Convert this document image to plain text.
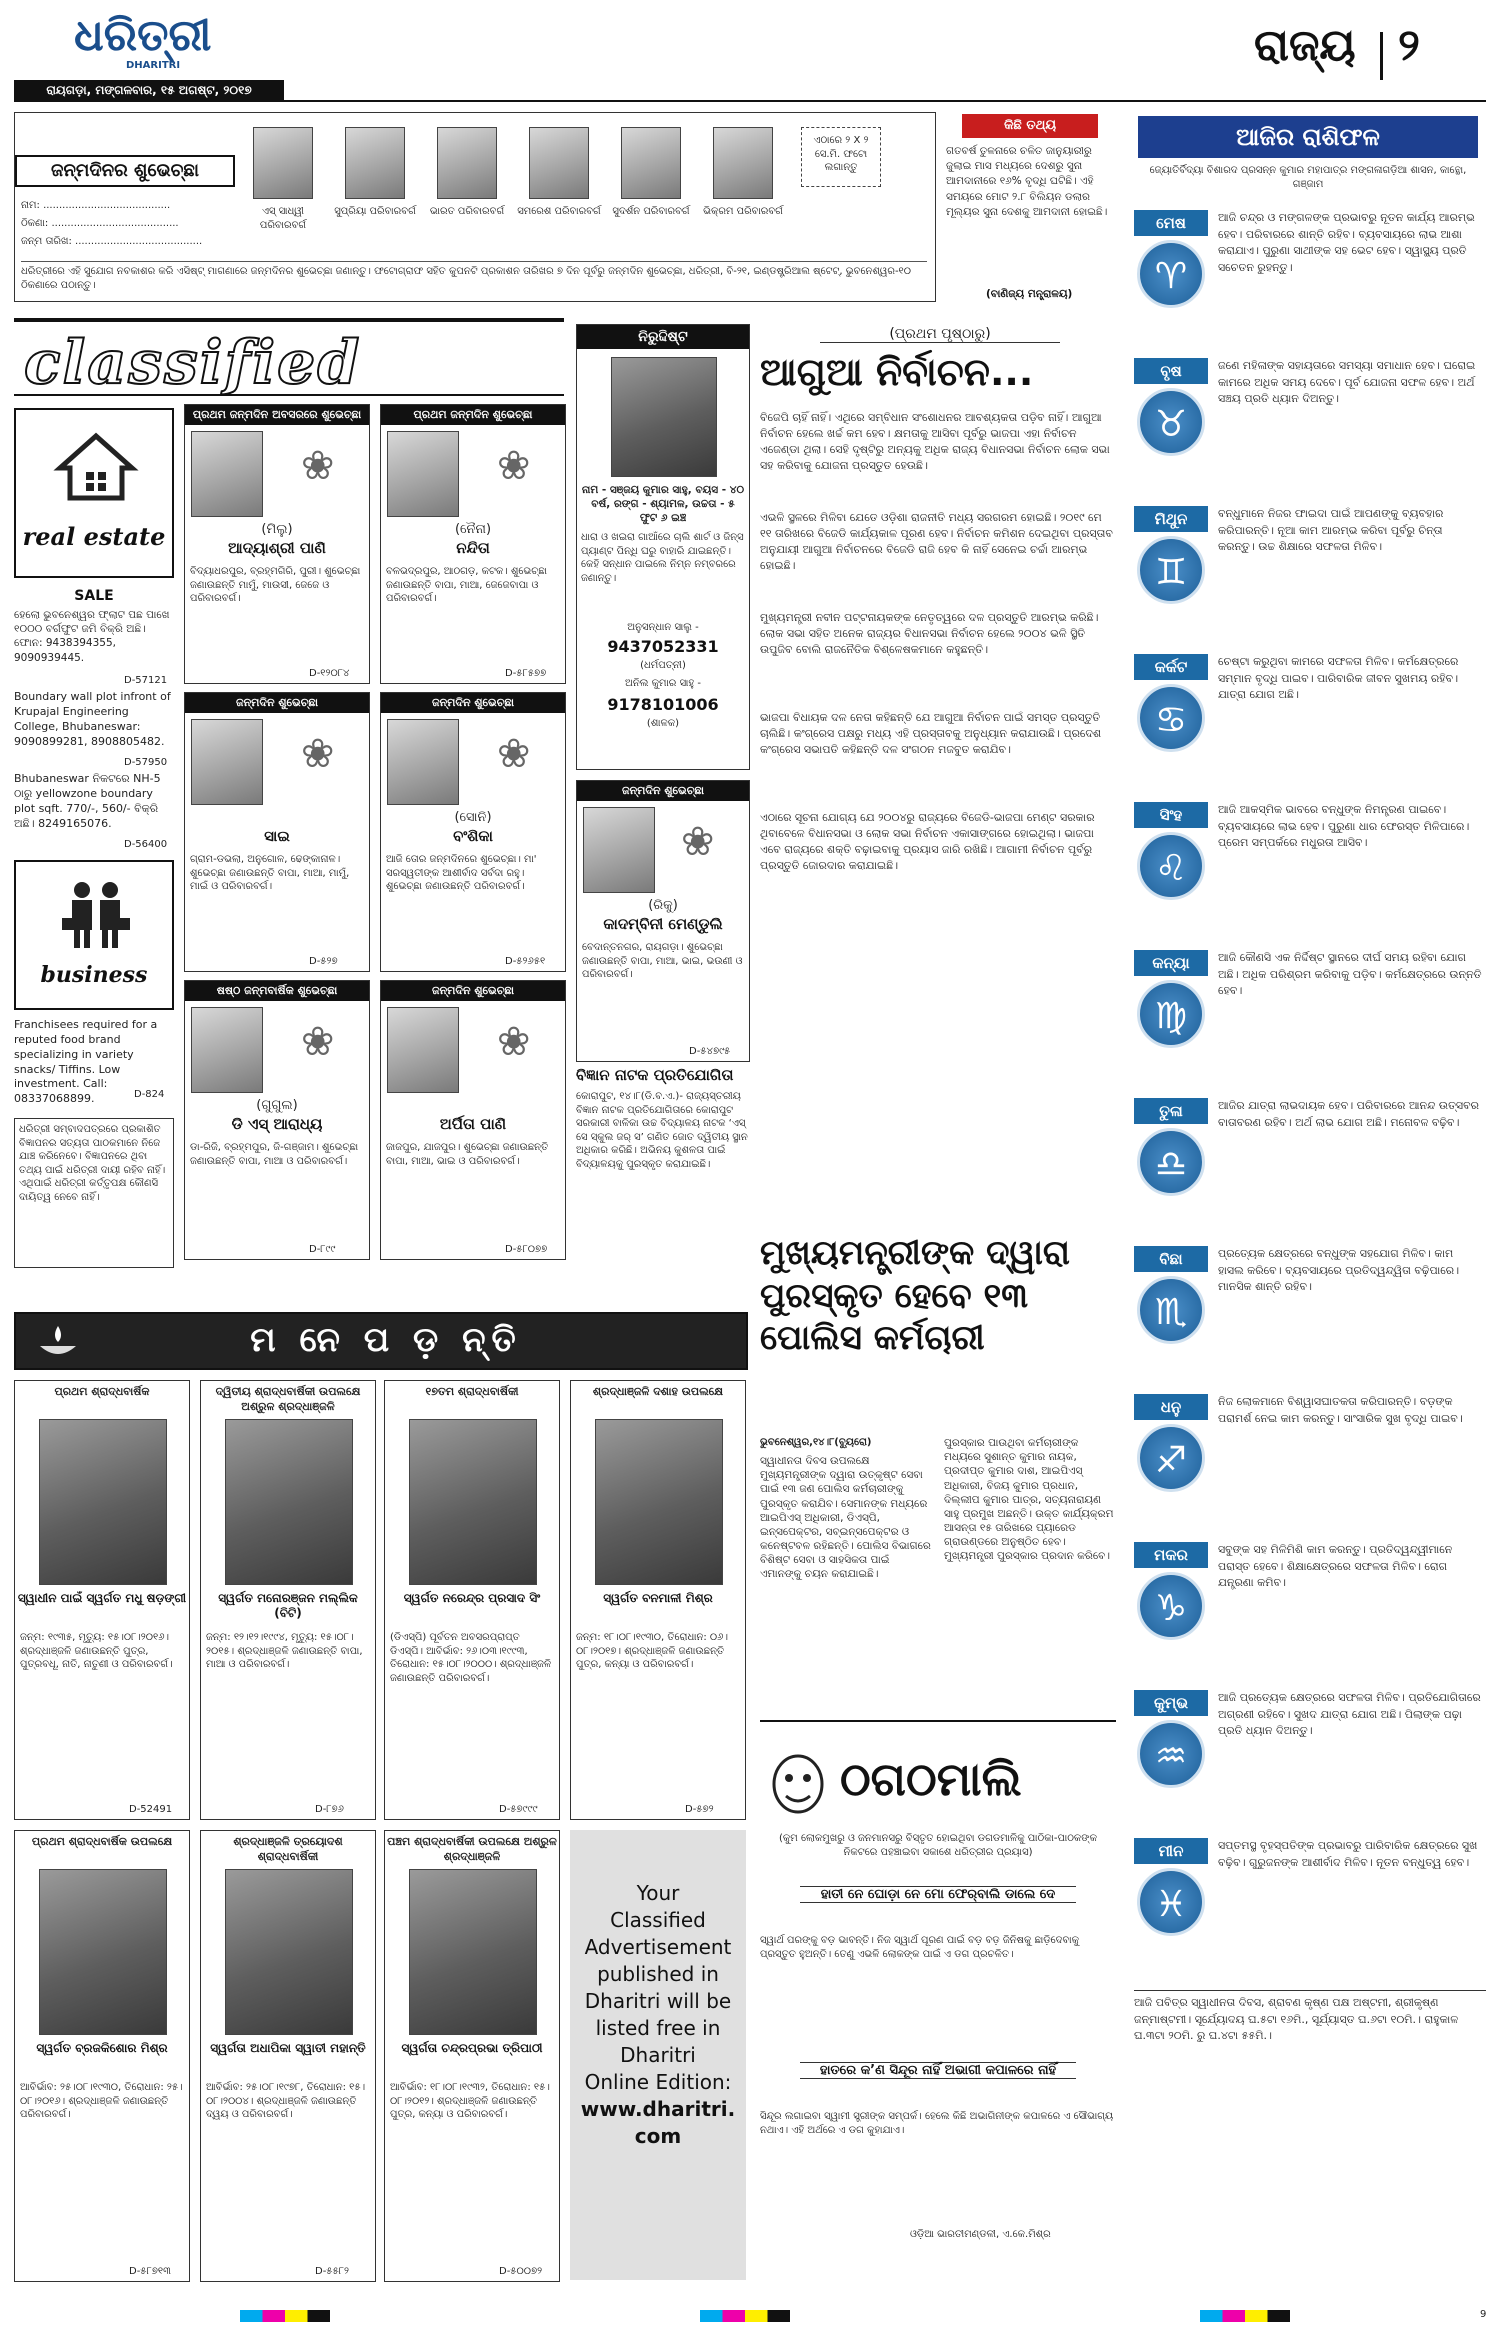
ଧରିତ୍ରୀ
DHARITRI
ରାୟଗଡ଼ା, ମଙ୍ଗଳବାର, ୧୫ ଅଗଷ୍ଟ, ୨୦୧୭
ରାଜ୍ୟ ୨
ଜନ୍ମଦିନର ଶୁଭେଚ୍ଛା
ନାମ: ........................................
ଠିକଣା: ........................................
ଜନ୍ମ ତାରିଖ: ........................................
ଏସ୍ ସାଧ୍ୱୀ ପରିବାରବର୍ଗ
ସୁପ୍ରିୟା ପରିବାରବର୍ଗ	ଭାରତ ପରିବାରବର୍ଗ	ସମରେଶ ପରିବାରବର୍ଗ	ସୁଦର୍ଶନ ପରିବାରବର୍ଗ	ଭିକ୍ରମ ପରିବାରବର୍ଗ
ଏଠାରେ ୨ X ୨ ସେ.ମି. ଫଟୋ ଲଗାନ୍ତୁ
ଧରିତ୍ରୀରେ ଏହି ସୁଯୋଗ ନବକାଶର କରି ଏସିଷ୍ଟ୍ ମାଗଣାରେ ଜନ୍ମଦିନର ଶୁଭେଚ୍ଛା ଜଣାନ୍ତୁ। ଫଟୋଗ୍ରାଫ ସହିତ କୁପନଟି ପ୍ରକାଶନ ତାରିଖର ୭ ଦିନ ପୂର୍ବରୁ ଜନ୍ମଦିନ ଶୁଭେଚ୍ଛା, ଧରିତ୍ରୀ, ବି-୨୧, ଇଣ୍ଡଷ୍ଟ୍ରିଆଲ ଷ୍ଟେଟ୍, ଭୁବନେଶ୍ୱର-୧୦ ଠିକଣାରେ ପଠାନ୍ତୁ।
କିଛି ତଥ୍ୟ
ଗତବର୍ଷ ତୁଳନାରେ ଚଳିତ ଜାନୁୟାରୀରୁ ଜୁଲାଇ ମାସ ମଧ୍ୟରେ ଦେଶରୁ ସୁନା ଆମଦାନୀରେ ୧୬% ବୃଦ୍ଧି ଘଟିଛି। ଏହି ସମୟରେ ମୋଟ ୨.୮ ବିଲିୟନ ଡଲାର ମୂଲ୍ୟର ସୁନା ଦେଶକୁ ଆମଦାନୀ ହୋଇଛି।
(ବାଣିଜ୍ୟ ମନ୍ତ୍ରାଳୟ)
ଆଜିର ରାଶିଫଳ
ଜ୍ୟୋତିର୍ବିଦ୍ୟା ବିଶାରଦ ପ୍ରସନ୍ନ କୁମାର ମହାପାତ୍ର ମଙ୍ଗଳାଗଡ଼ିଆ ଶାସନ, କାନ୍ଥୋ, ଗଞ୍ଜାମ
ମେଷ
♈
ଆଜି ଚନ୍ଦ୍ର ଓ ମଙ୍ଗଳଙ୍କ ପ୍ରଭାବରୁ ନୂତନ କାର୍ଯ୍ୟ ଆରମ୍ଭ ହେବ। ପରିବାରରେ ଶାନ୍ତି ରହିବ। ବ୍ୟବସାୟରେ ଲାଭ ଆଶା କରାଯାଏ। ପୁରୁଣା ସାଥୀଙ୍କ ସହ ଭେଟ ହେବ। ସ୍ୱାସ୍ଥ୍ୟ ପ୍ରତି ସଚେତନ ରୁହନ୍ତୁ।
ବୃଷ
♉
ଜଣେ ମହିଳାଙ୍କ ସହାୟତାରେ ସମସ୍ୟା ସମାଧାନ ହେବ। ଘରୋଇ କାମରେ ଅଧିକ ସମୟ ଦେବେ। ପୂର୍ବ ଯୋଜନା ସଫଳ ହେବ। ଅର୍ଥ ସଞ୍ଚୟ ପ୍ରତି ଧ୍ୟାନ ଦିଅନ୍ତୁ।
ମିଥୁନ
♊
ବନ୍ଧୁମାନେ ନିଜର ଫାଇଦା ପାଇଁ ଆପଣଙ୍କୁ ବ୍ୟବହାର କରିପାରନ୍ତି। ନୂଆ କାମ ଆରମ୍ଭ କରିବା ପୂର୍ବରୁ ଚିନ୍ତା କରନ୍ତୁ। ଉଚ୍ଚ ଶିକ୍ଷାରେ ସଫଳତା ମିଳିବ।
କର୍କଟ
♋
ଚେଷ୍ଟା କରୁଥିବା କାମରେ ସଫଳତା ମିଳିବ। କର୍ମକ୍ଷେତ୍ରରେ ସମ୍ମାନ ବୃଦ୍ଧି ପାଇବ। ପାରିବାରିକ ଜୀବନ ସୁଖମୟ ରହିବ। ଯାତ୍ରା ଯୋଗ ଅଛି।
ସିଂହ
♌
ଆଜି ଆକସ୍ମିକ ଭାବରେ ବନ୍ଧୁଙ୍କ ନିମନ୍ତ୍ରଣ ପାଇବେ। ବ୍ୟବସାୟରେ ଲାଭ ହେବ। ପୁରୁଣା ଧାର ଫେରସ୍ତ ମିଳିପାରେ। ପ୍ରେମ ସମ୍ପର୍କରେ ମଧୁରତା ଆସିବ।
କନ୍ୟା
♍
ଆଜି କୌଣସି ଏକ ନିର୍ଦ୍ଦିଷ୍ଟ ସ୍ଥାନରେ ଦୀର୍ଘ ସମୟ ରହିବା ଯୋଗ ଅଛି। ଅଧିକ ପରିଶ୍ରମ କରିବାକୁ ପଡ଼ିବ। କର୍ମକ୍ଷେତ୍ରରେ ଉନ୍ନତି ହେବ।
ତୁଳା
♎
ଆଜିର ଯାତ୍ରା ଲାଭଦାୟକ ହେବ। ପରିବାରରେ ଆନନ୍ଦ ଉତ୍ସବର ବାତାବରଣ ରହିବ। ଅର୍ଥ ଲାଭ ଯୋଗ ଅଛି। ମନୋବଳ ବଢ଼ିବ।
ବିଛା
♏
ପ୍ରତ୍ୟେକ କ୍ଷେତ୍ରରେ ବନ୍ଧୁଙ୍କ ସହଯୋଗ ମିଳିବ। କାମ ହାସଲ କରିବେ। ବ୍ୟବସାୟରେ ପ୍ରତିଦ୍ୱନ୍ଦ୍ୱିତା ବଢ଼ିପାରେ। ମାନସିକ ଶାନ୍ତି ରହିବ।
ଧନୁ
♐
ନିଜ ଲୋକମାନେ ବିଶ୍ୱାସଘାତକତା କରିପାରନ୍ତି। ବଡ଼ଙ୍କ ପରାମର୍ଶ ନେଇ କାମ କରନ୍ତୁ। ସାଂସାରିକ ସୁଖ ବୃଦ୍ଧି ପାଇବ।
ମକର
♑
ସବୁଙ୍କ ସହ ମିଳିମିଶି କାମ କରନ୍ତୁ। ପ୍ରତିଦ୍ୱନ୍ଦ୍ୱୀମାନେ ପରାସ୍ତ ହେବେ। ଶିକ୍ଷାକ୍ଷେତ୍ରରେ ସଫଳତା ମିଳିବ। ରୋଗ ଯନ୍ତ୍ରଣା କମିବ।
କୁମ୍ଭ
♒
ଆଜି ପ୍ରତ୍ୟେକ କ୍ଷେତ୍ରରେ ସଫଳତା ମିଳିବ। ପ୍ରତିଯୋଗିତାରେ ଅଗ୍ରଣୀ ରହିବେ। ସୁଖଦ ଯାତ୍ରା ଯୋଗ ଅଛି। ପିଲାଙ୍କ ପଢ଼ା ପ୍ରତି ଧ୍ୟାନ ଦିଅନ୍ତୁ।
ମୀନ
♓
ସପ୍ତମସ୍ଥ ବୃହସ୍ପତିଙ୍କ ପ୍ରଭାବରୁ ପାରିବାରିକ କ୍ଷେତ୍ରରେ ସୁଖ ବଢ଼ିବ। ଗୁରୁଜନଙ୍କ ଆଶୀର୍ବାଦ ମିଳିବ। ନୂତନ ବନ୍ଧୁତ୍ୱ ହେବ।
ଆଜି ପବିତ୍ର ସ୍ୱାଧୀନତା ଦିବସ, ଶ୍ରାବଣ କୃଷ୍ଣ ପକ୍ଷ ଅଷ୍ଟମୀ, ଶ୍ରୀକୃଷ୍ଣ ଜନ୍ମାଷ୍ଟମୀ। ସୂର୍ଯ୍ୟୋଦୟ ଘ.୫ଟା ୧୬ମି., ସୂର୍ଯ୍ୟାସ୍ତ ଘ.୬ଟା ୧୦ମି.। ରାହୁକାଳ ଘ.୩ଟା ୨୦ମି. ରୁ ଘ.୪ଟା ୫୫ମି.।
classified
real estate
SALE
ହେଲୋ ଭୁବନେଶ୍ୱର ଫ୍ଲାଟ ପଛ ପାଖେ ୧୦୦୦ ବର୍ଗଫୁଟ ଜମି ବିକ୍ରି ଅଛି। ଫୋନ: 9438394355, 9090939445.
D-57121
Boundary wall plot infront of Krupajal Engineering College, Bhubaneswar: 9090899281, 8908805482.
D-57950
Bhubaneswar ନିକଟରେ NH-5 ଠାରୁ yellowzone boundary plot sqft. 770/-, 560/- ବିକ୍ରି ଅଛି। 8249165076.
D-56400
business
Franchisees required for a reputed food brand specializing in variety snacks/ Tiffins. Low investment. Call: 08337068899.	D-824
ଧରିତ୍ରୀ ସମ୍ବାଦପତ୍ରରେ ପ୍ରକାଶିତ ବିଜ୍ଞାପନର ସତ୍ୟତା ପାଠକମାନେ ନିଜେ ଯାଞ୍ଚ କରିନେବେ। ବିଜ୍ଞାପନରେ ଥିବା ତଥ୍ୟ ପାଇଁ ଧରିତ୍ରୀ ଦାୟୀ ରହିବ ନାହିଁ। ଏଥିପାଇଁ ଧରିତ୍ରୀ କର୍ତ୍ତୃପକ୍ଷ କୌଣସି ଦାୟିତ୍ୱ ନେବେ ନାହିଁ।
ପ୍ରଥମ ଜନ୍ମଦିନ ଅବସରରେ ଶୁଭେଚ୍ଛା
❀
(ମିଲୁ)
ଆଦ୍ୟାଶ୍ରୀ ପାଣି
ବିଦ୍ୟାଧରପୁର, ବ୍ରହ୍ମଗିରି, ପୁରୀ। ଶୁଭେଚ୍ଛା ଜଣାଉଛନ୍ତି ମାମୁଁ, ମାଉସୀ, ଜେଜେ ଓ ପରିବାରବର୍ଗ।
D-୧୨୦୮୪
ପ୍ରଥମ ଜନ୍ମଦିନ ଶୁଭେଚ୍ଛା
❀
(ନୈନା)
ନନ୍ଦିତା
ବଳଭଦ୍ରପୁର, ଆଠଗଡ଼, କଟକ। ଶୁଭେଚ୍ଛା ଜଣାଉଛନ୍ତି ବାପା, ମାଆ, ଜେଜେବାପା ଓ ପରିବାରବର୍ଗ।
D-୫୮୫୭୭
ଜନ୍ମଦିନ ଶୁଭେଚ୍ଛା
❀
ସାଇ
ଗ୍ରାମ-ଡଭଲା, ଅନୁଗୋଳ, ଢେଙ୍କାନାଳ। ଶୁଭେଚ୍ଛା ଜଣାଉଛନ୍ତି ବାପା, ମାଆ, ମାମୁଁ, ମାଇଁ ଓ ପରିବାରବର୍ଗ।
D-୫୨୭
ଜନ୍ମଦିନ ଶୁଭେଚ୍ଛା
❀
(ସୋନି)
ବଂଶିକା
ଆଜି ତୋର ଜନ୍ମଦିନରେ ଶୁଭେଚ୍ଛା। ମା' ସରସ୍ୱତୀଙ୍କ ଆଶୀର୍ବାଦ ସର୍ବଦା ରହୁ। ଶୁଭେଚ୍ଛା ଜଣାଉଛନ୍ତି ପରିବାରବର୍ଗ।
D-୫୨୬୫୧
ଷଷ୍ଠ ଜନ୍ମବାର୍ଷିକ ଶୁଭେଚ୍ଛା
❀
(ଗୁଗୁଲ)
ଡି ଏସ୍ ଆରାଧ୍ୟ
ଡା-ରିଜି, ବ୍ରହ୍ମପୁର, ଜି-ଗଞ୍ଜାମ। ଶୁଭେଚ୍ଛା ଜଣାଉଛନ୍ତି ବାପା, ମାଆ ଓ ପରିବାରବର୍ଗ।
D-୮୯୯
ଜନ୍ମଦିନ ଶୁଭେଚ୍ଛା
❀
ଅର୍ପିତା ପାଣି
ଜାଜପୁର, ଯାଜପୁର। ଶୁଭେଚ୍ଛା ଜଣାଉଛନ୍ତି ବାପା, ମାଆ, ଭାଇ ଓ ପରିବାରବର୍ଗ।
D-୫୮୦୭୭
ଜନ୍ମଦିନ ଶୁଭେଚ୍ଛା
❀
(ରିକୁ)
କାଦମ୍ବିନୀ ମେଣ୍ଡୁଲି
ବେଦାନ୍ତନଗର, ରାୟଗଡ଼ା। ଶୁଭେଚ୍ଛା ଜଣାଉଛନ୍ତି ବାପା, ମାଆ, ଭାଇ, ଭଉଣୀ ଓ ପରିବାରବର୍ଗ।
D-୫୪୭୯୫
ନିରୁଦ୍ଦିଷ୍ଟ
ନାମ - ସଞ୍ଜୟ କୁମାର ସାହୁ, ବୟସ - ୪୦ ବର୍ଷ, ରଙ୍ଗ - ଶ୍ୟାମଳ, ଉଚ୍ଚତା - ୫ ଫୁଟ ୬ ଇଞ୍ଚ
ଧାରା ଓ ଖଇରା ଗାଆଁରେ ଚାଲି ଶାର୍ଟ ଓ ଜିନ୍ସ ପ୍ୟାଣ୍ଟ ପିନ୍ଧି ଘରୁ ବାହାରି ଯାଇଛନ୍ତି। କେହି ସନ୍ଧାନ ପାଇଲେ ନିମ୍ନ ନମ୍ବରରେ ଜଣାନ୍ତୁ।
ଅନୁସନ୍ଧାନ ସାଲୁ -
9437052331
(ଧର୍ମପତ୍ନୀ)
ଅନିଲ କୁମାର ସାହୁ -
9178101006
(ଶାଳକ)
ବିଜ୍ଞାନ ନାଟକ ପ୍ରତିଯୋଗିତା
କୋରାପୁଟ, ୧୪।୮(ଡି.ବ.ଏ.)- ରାଜ୍ୟସ୍ତରୀୟ ବିଜ୍ଞାନ ନାଟକ ପ୍ରତିଯୋଗିତାରେ କୋରାପୁଟ ସରକାରୀ ବାଳିକା ଉଚ୍ଚ ବିଦ୍ୟାଳୟ ନାଟକ ‘ଏସ୍ ସେ ସ୍କୁଲ ଜର୍ ସ’ ଗଣିତ ଜୋତ ଦ୍ୱିତୀୟ ସ୍ଥାନ ଅଧିକାର କରିଛି। ଅଭିନୟ କୁଶଳତା ପାଇଁ ବିଦ୍ୟାଳୟକୁ ପୁରସ୍କୃତ କରାଯାଇଛି।
(ପ୍ରଥମ ପୃଷ୍ଠାରୁ)
ଆଗୁଆ ନିର୍ବାଚନ...
ବିଜେପି ଚାହିଁ ନାହିଁ। ଏଥିରେ ସମ୍ବିଧାନ ସଂଶୋଧନର ଆବଶ୍ୟକତା ପଡ଼ିବ ନାହିଁ। ଆଗୁଆ ନିର୍ବାଚନ ହେଲେ ଖର୍ଚ୍ଚ କମ ହେବ। କ୍ଷମତାକୁ ଆସିବା ପୂର୍ବରୁ ଭାଜପା ଏହା ନିର୍ବାଚନ ଏଜେଣ୍ଡା ଥିଲା। ସେହି ଦୃଷ୍ଟିରୁ ଅନ୍ୟକୁ ଅଧିକ ରାଜ୍ୟ ବିଧାନସଭା ନିର୍ବାଚନ ଲୋକ ସଭା ସହ କରିବାକୁ ଯୋଜନା ପ୍ରସ୍ତୁତ ହେଉଛି।
ଏଭଳି ସ୍ଥଳରେ ମିଳିବା ଯେତେ ଓଡ଼ିଶା ରାଜନୀତି ମଧ୍ୟ ସରଗରମ ହୋଇଛି। ୨୦୧୯ ମେ ୧୧ ତାରିଖରେ ବିଜେଡି କାର୍ଯ୍ୟକାଳ ପୂରଣ ହେବ। ନିର୍ବାଚନ କମିଶନ ଦେଇଥିବା ପ୍ରସ୍ତାବ ଅନୁଯାୟୀ ଆଗୁଆ ନିର୍ବାଚନରେ ବିଜେଡି ରାଜି ହେବ କି ନାହିଁ ସେନେଇ ଚର୍ଚ୍ଚା ଆରମ୍ଭ ହୋଇଛି।
ମୁଖ୍ୟମନ୍ତ୍ରୀ ନବୀନ ପଟ୍ଟନାୟକଙ୍କ ନେତୃତ୍ୱରେ ଦଳ ପ୍ରସ୍ତୁତି ଆରମ୍ଭ କରିଛି। ଲୋକ ସଭା ସହିତ ଅନେକ ରାଜ୍ୟର ବିଧାନସଭା ନିର୍ବାଚନ ହେଲେ ୨୦୦୪ ଭଳି ସ୍ଥିତି ଉପୁଜିବ ବୋଲି ରାଜନୈତିକ ବିଶ୍ଳେଷକମାନେ କହୁଛନ୍ତି।
ଭାଜପା ବିଧାୟକ ଦଳ ନେତା କହିଛନ୍ତି ଯେ ଆଗୁଆ ନିର୍ବାଚନ ପାଇଁ ସମସ୍ତ ପ୍ରସ୍ତୁତି ଚାଲିଛି। କଂଗ୍ରେସ ପକ୍ଷରୁ ମଧ୍ୟ ଏହି ପ୍ରସ୍ତାବକୁ ଅନୁଧ୍ୟାନ କରାଯାଉଛି। ପ୍ରଦେଶ କଂଗ୍ରେସ ସଭାପତି କହିଛନ୍ତି ଦଳ ସଂଗଠନ ମଜବୁତ କରାଯିବ।
ଏଠାରେ ସୂଚନା ଯୋଗ୍ୟ ଯେ ୨୦୦୪ରୁ ରାଜ୍ୟରେ ବିଜେଡି-ଭାଜପା ମେଣ୍ଟ ସରକାର ଥିବାବେଳେ ବିଧାନସଭା ଓ ଲୋକ ସଭା ନିର୍ବାଚନ ଏକାସାଙ୍ଗରେ ହୋଇଥିଲା। ଭାଜପା ଏବେ ରାଜ୍ୟରେ ଶକ୍ତି ବଢ଼ାଇବାକୁ ପ୍ରୟାସ ଜାରି ରଖିଛି। ଆଗାମୀ ନିର୍ବାଚନ ପୂର୍ବରୁ ପ୍ରସ୍ତୁତି ଜୋରଦାର କରାଯାଇଛି।
ମୁଖ୍ୟମନ୍ତ୍ରୀଙ୍କ ଦ୍ୱାରା ପୁରସ୍କୃତ ହେବେ ୧୩ ପୋଲିସ କର୍ମଚାରୀ
ଭୁବନେଶ୍ୱର,୧୪।୮(ବ୍ୟୁରୋ)
ସ୍ୱାଧୀନତା ଦିବସ ଉପଲକ୍ଷେ ମୁଖ୍ୟମନ୍ତ୍ରୀଙ୍କ ଦ୍ୱାରା ଉତ୍କୃଷ୍ଟ ସେବା ପାଇଁ ୧୩ ଜଣ ପୋଲିସ କର୍ମଚାରୀଙ୍କୁ ପୁରସ୍କୃତ କରାଯିବ। ସେମାନଙ୍କ ମଧ୍ୟରେ ଆଇପିଏସ୍ ଅଧିକାରୀ, ଡିଏସ୍‌ପି, ଇନ୍‌ସପେକ୍ଟର, ସବ୍‌ଇନ୍‌ସପେକ୍ଟର ଓ କନେଷ୍ଟବଳ ରହିଛନ୍ତି। ପୋଲିସ ବିଭାଗରେ ବିଶିଷ୍ଟ ସେବା ଓ ସାହସିକତା ପାଇଁ ଏମାନଙ୍କୁ ଚୟନ କରାଯାଇଛି।
ପୁରସ୍କାର ପାଉଥିବା କର୍ମଚାରୀଙ୍କ ମଧ୍ୟରେ ସୁଶାନ୍ତ କୁମାର ନାୟକ, ପ୍ରଦୀପ୍ତ କୁମାର ଦାଶ, ଆଇପିଏସ୍ ଅଧିକାରୀ, ବିଜୟ କୁମାର ପ୍ରଧାନ, ଦିଲ୍ଲୀପ କୁମାର ପାତ୍ର, ସତ୍ୟନାରାୟଣ ସାହୁ ପ୍ରମୁଖ ଅଛନ୍ତି। ଉକ୍ତ କାର୍ଯ୍ୟକ୍ରମ ଆସନ୍ତା ୧୫ ତାରିଖରେ ପ୍ୟାରେଡ ଗ୍ରାଉଣ୍ଡରେ ଅନୁଷ୍ଠିତ ହେବ। ମୁଖ୍ୟମନ୍ତ୍ରୀ ପୁରସ୍କାର ପ୍ରଦାନ କରିବେ।
ଠଗଠମାଲି
(କୁମ ଲୋକମୁଖରୁ ଓ ଜନମାନସରୁ ବିସ୍ତୃତ ହୋଇଥିବା ଡଗଡମାଳିକୁ ପାଠିକା-ପାଠକଙ୍କ ନିକଟରେ ପହଞ୍ଚାଇବା ସକାଶେ ଧରିତ୍ରୀର ପ୍ରୟାସ)
ହାତୀ ନେ ଘୋଡ଼ା ନେ ମୋ ଫେର୍‌ବାଲି ଡାଲେ ଦେ
ସ୍ୱାର୍ଥ ପରଙ୍କୁ ବଡ଼ ଭାବନ୍ତି। ନିଜ ସ୍ୱାର୍ଥ ପୂରଣ ପାଇଁ ବଡ଼ ବଡ଼ ଜିନିଷକୁ ଛାଡ଼ିଦେବାକୁ ପ୍ରସ୍ତୁତ ହୁଅନ୍ତି। ତେଣୁ ଏଭଳି ଲୋକଙ୍କ ପାଇଁ ଏ ଡଗ ପ୍ରଚଳିତ।
ହାତରେ କ’ଣ ସିନ୍ଦୂର ନାହିଁ ଅଭାଗୀ କପାଳରେ ନାହିଁ
ସିନ୍ଦୂର ଲଗାଇବା ସ୍ୱାମୀ ସ୍ତ୍ରୀଙ୍କ ସମ୍ପର୍କ। ହେଲେ କିଛି ଅଭାଗିନୀଙ୍କ କପାଳରେ ଏ ସୌଭାଗ୍ୟ ନଥାଏ। ଏହି ଅର୍ଥରେ ଏ ଡଗ କୁହାଯାଏ।
ଓଡ଼ିଆ ଭାରତୀମଣ୍ଡଳୀ, ଏ.କେ.ମିଶ୍ର
ମ ନେ ପ ଡ଼ ନ୍ତି
ପ୍ରଥମ ଶ୍ରାଦ୍ଧବାର୍ଷିକ
ସ୍ୱାଧୀନ ପାଇଁ ସ୍ୱର୍ଗତ ମଧୁ ଷଡ଼ଙ୍ଗୀ
ଜନ୍ମ: ୧୯୩୫, ମୃତ୍ୟୁ: ୧୫।୦୮।୨୦୧୬। ଶ୍ରଦ୍ଧାଞ୍ଜଳି ଜଣାଉଛନ୍ତି ପୁତ୍ର, ପୁତ୍ରବଧୂ, ନାତି, ନାତୁଣୀ ଓ ପରିବାରବର୍ଗ।
D-52491
ଦ୍ୱିତୀୟ ଶ୍ରାଦ୍ଧବାର୍ଷିକୀ ଉପଲକ୍ଷେ ଅଶ୍ରୁଳ ଶ୍ରଦ୍ଧାଞ୍ଜଳି
ସ୍ୱର୍ଗତ ମନୋରଞ୍ଜନ ମଲ୍ଲିକ (ବିଟି)
ଜନ୍ମ: ୧୨।୧୨।୧୯୯୪, ମୃତ୍ୟୁ: ୧୫।୦୮।୨୦୧୫। ଶ୍ରଦ୍ଧାଞ୍ଜଳି ଜଣାଉଛନ୍ତି ବାପା, ମାଆ ଓ ପରିବାରବର୍ଗ।
D-୮୭୬
୧୭ତମ ଶ୍ରାଦ୍ଧବାର୍ଷିକୀ
ସ୍ୱର୍ଗତ ନରେନ୍ଦ୍ର ପ୍ରସାଦ ସିଂ
(ଡିଏସ୍‌ପି) ପୂର୍ବତନ ଅବସରପ୍ରାପ୍ତ ଡିଏସ୍‌ପି। ଆବିର୍ଭାବ: ୨୬।୦୩।୧୯୯୩, ତିରୋଧାନ: ୧୫।୦୮।୨୦୦୦। ଶ୍ରଦ୍ଧାଞ୍ଜଳି ଜଣାଉଛନ୍ତି ପରିବାରବର୍ଗ।
D-୫୭୯୯୯
ଶ୍ରଦ୍ଧାଞ୍ଜଳି ଦଶାହ ଉପଲକ୍ଷେ
ସ୍ୱର୍ଗତ ବନମାଳୀ ମିଶ୍ର
ଜନ୍ମ: ୧୮।୦୮।୧୯୩୦, ତିରୋଧାନ: ୦୬।୦୮।୨୦୧୭। ଶ୍ରଦ୍ଧାଞ୍ଜଳି ଜଣାଉଛନ୍ତି ପୁତ୍ର, କନ୍ୟା ଓ ପରିବାରବର୍ଗ।
D-୫୭୨
ପ୍ରଥମ ଶ୍ରାଦ୍ଧବାର୍ଷିକ ଉପଲକ୍ଷେ
ସ୍ୱର୍ଗତ ବ୍ରଜକିଶୋର ମିଶ୍ର
ଆବିର୍ଭାବ: ୨୫।୦୮।୧୯୩୦, ତିରୋଧାନ: ୨୫।୦୮।୨୦୧୬। ଶ୍ରଦ୍ଧାଞ୍ଜଳି ଜଣାଉଛନ୍ତି ପରିବାରବର୍ଗ।
D-୫୮୭୧୩
ଶ୍ରଦ୍ଧାଞ୍ଜଳି ତ୍ରୟୋଦଶ ଶ୍ରାଦ୍ଧବାର୍ଷିକୀ
ସ୍ୱର୍ଗତା ଅଧାପିକା ସ୍ୱାତୀ ମହାନ୍ତି
ଆବିର୍ଭାବ: ୨୫।୦୮।୧୯୭୮, ତିରୋଧାନ: ୧୫।୦୮।୨୦୦୪। ଶ୍ରଦ୍ଧାଞ୍ଜଳି ଜଣାଉଛନ୍ତି ଦ୍ୱୟ ଓ ପରିବାରବର୍ଗ।
D-୫୫୮୨
ପଞ୍ଚମ ଶ୍ରାଦ୍ଧବାର୍ଷିକୀ ଉପଲକ୍ଷେ ଅଶ୍ରୁଳ ଶ୍ରଦ୍ଧାଞ୍ଜଳି
ସ୍ୱର୍ଗତା ଚନ୍ଦ୍ରପ୍ରଭା ତ୍ରିପାଠୀ
ଆବିର୍ଭାବ: ୧୮।୦୮।୧୯୩୨, ତିରୋଧାନ: ୧୫।୦୮।୨୦୧୨। ଶ୍ରଦ୍ଧାଞ୍ଜଳି ଜଣାଉଛନ୍ତି ପୁତ୍ର, କନ୍ୟା ଓ ପରିବାରବର୍ଗ।
D-୫୦୦୭୨
Your
Classified
Advertisement
published in
Dharitri will be
listed free in
Dharitri
Online Edition:
www.dharitri.
com
9
